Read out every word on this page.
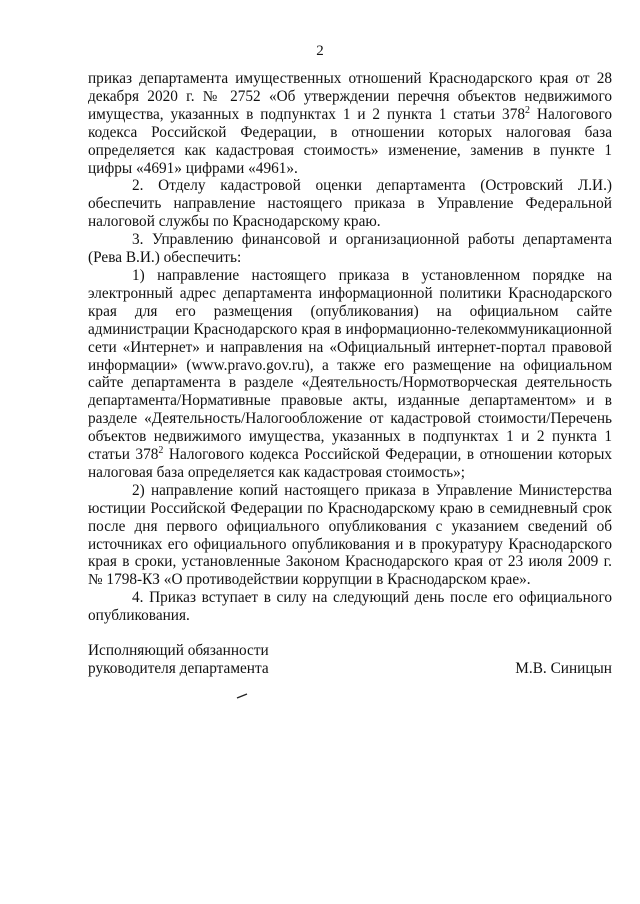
2

приказ департамента имущественных отношений Краснодарского края от 28 декабря 2020 г. № 2752 «Об утверждении перечня объектов недвижимого имущества, указанных в подпунктах 1 и 2 пункта 1 статьи $378^2$ Налогового кодекса Российской Федерации, в отношении которых налоговая база определяется как кадастровая стоимость» изменение, заменив в пункте 1 цифры «4691» цифрами «4961».

2. Отделу кадастровой оценки департамента (Островский Л.И.) обеспечить направление настоящего приказа в Управление Федеральной налоговой службы по Краснодарскому краю.

3. Управлению финансовой и организационной работы департамента (Рева В.И.) обеспечить:

1) направление настоящего приказа в установленном порядке на электронный адрес департамента информационной политики Краснодарского края для его размещения (опубликования) на официальном сайте администрации Краснодарского края в информационно-телекоммуникационной сети «Интернет» и направления на «Официальный интернет-портал правовой информации» (www.pravo.gov.ru), а также его размещение на официальном сайте департамента в разделе «Деятельность/Нормотворческая деятельность департамента/Нормативные правовые акты, изданные департаментом» и в разделе «Деятельность/Налогообложение от кадастровой стоимости/Перечень объектов недвижимого имущества, указанных в подпунктах 1 и 2 пункта 1 статьи $378^2$ Налогового кодекса Российской Федерации, в отношении которых налоговая база определяется как кадастровая стоимость»;

2) направление копий настоящего приказа в Управление Министерства юстиции Российской Федерации по Краснодарскому краю в семидневный срок после дня первого официального опубликования с указанием сведений об источниках его официального опубликования и в прокуратуру Краснодарского края в сроки, установленные Законом Краснодарского края от 23 июля 2009 г. № 1798-КЗ «О противодействии коррупции в Краснодарском крае».

4. Приказ вступает в силу на следующий день после его официального опубликования.

Исполняющий обязанности
руководителя департамента	М.В. Синицын
